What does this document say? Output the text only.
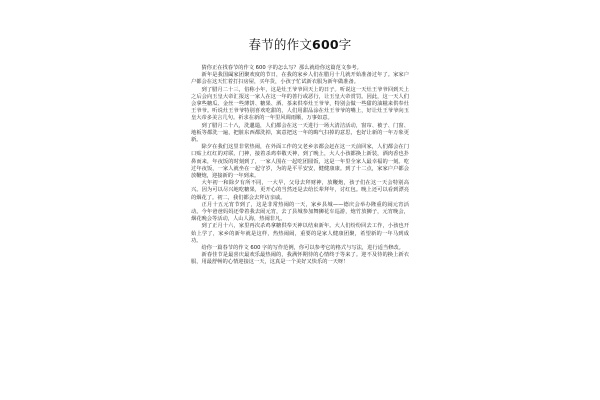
春节的作文600字

猜你正在找春节的作文 600 字的怎么写？那么就给你这篇范文参考。

新年是我国阖家团聚欢度的节日，在我的家乡人们在腊月十几就开始准备过年了。家家户户都会在这天忙着打扫房屋，买年货，小孩子忙试新衣服为新年做准备。

到了腊月二十三，俗称小年，这是灶王爷爷回天上的日子。听说这一天灶王爷爷回到天上之后会向玉皇大帝汇报这一家人在这一年的善行或恶行，让玉皇大帝赏罚。因此，这一天人们会拿些糖瓜、金丝一些薄饼、糖果、酒、茶来供奉灶王爷爷，特别会做一些甜的油糍来供奉灶王爷爷。听说灶王爷爷特别喜欢吃甜的，人们用甜品涂在灶王爷爷的嘴上，好让灶王爷爷向玉皇大帝多美言几句。祈求在新的一年里风调雨顺，万事如意。

到了腊月二十八，洗邋遢，人们都会在这一天进行一场大清洁活动，窗帘、被子、门窗、地板等都洗一遍，把脏东西都洗掉，寓意把这一年的晦气扫掉的意思，也好让新的一年万象更新。

除夕在我们这里非常热闹，在外面工作的父老乡亲都会赶在这一天前回家，人们都会在门口贴上红红的对联、门神，接着杀鸡奉敬天神，到了晚上，大人小孩都换上新装，酒肉香也扑鼻而来，年夜饭的时刻到了，一家人围在一起吃团圆饭，这是一年里全家人最幸福的一刻。吃过年夜饭，一家人就坐在一起守岁，为的是平平安安，健健康康。到了十二点，家家户户都会放鞭炮，迎接新的一年到来。

大年初一和除夕有所不同，一大早，父母去拜财神，放鞭炮，孩子们在这一天会特别高兴。因为可以尽兴地吃糖果，更开心的当然还是去给长辈拜年，讨红包。晚上还可以看到漂亮的烟花了。初二，我们都会去拜访亲戚。

正月十五元宵节到了，这是非常热闹的一天，家乡县城——德庆会举办隆重的闹元宵活动。今年爸爸妈妈还带着我去闹元宵，去了县城参加舞狮花车巡游，炮竹放狮子，元宵晚会，烟花晚会等活动，人山人海，热闹非凡。

到了正月十六，家里再次杀鸡拿糖供奉天神以结束新年。大人们纷纷回去工作，小孩也开始上学了，家乡的新年就是这样，热热闹闹，重要的是家人健康团聚，希望新的一年马到成功。

给你一篇春节的作文 600 字的写作范例，你可以参考它的格式与写法，进行适当修改。

新春佳节是最喜庆最欢乐最热闹的，我满怀期待的心情终于等来了。迎不及待的换上新衣服，用最舒畅的心情迎接这一天，这真是一个美好又快乐的一天呀！
